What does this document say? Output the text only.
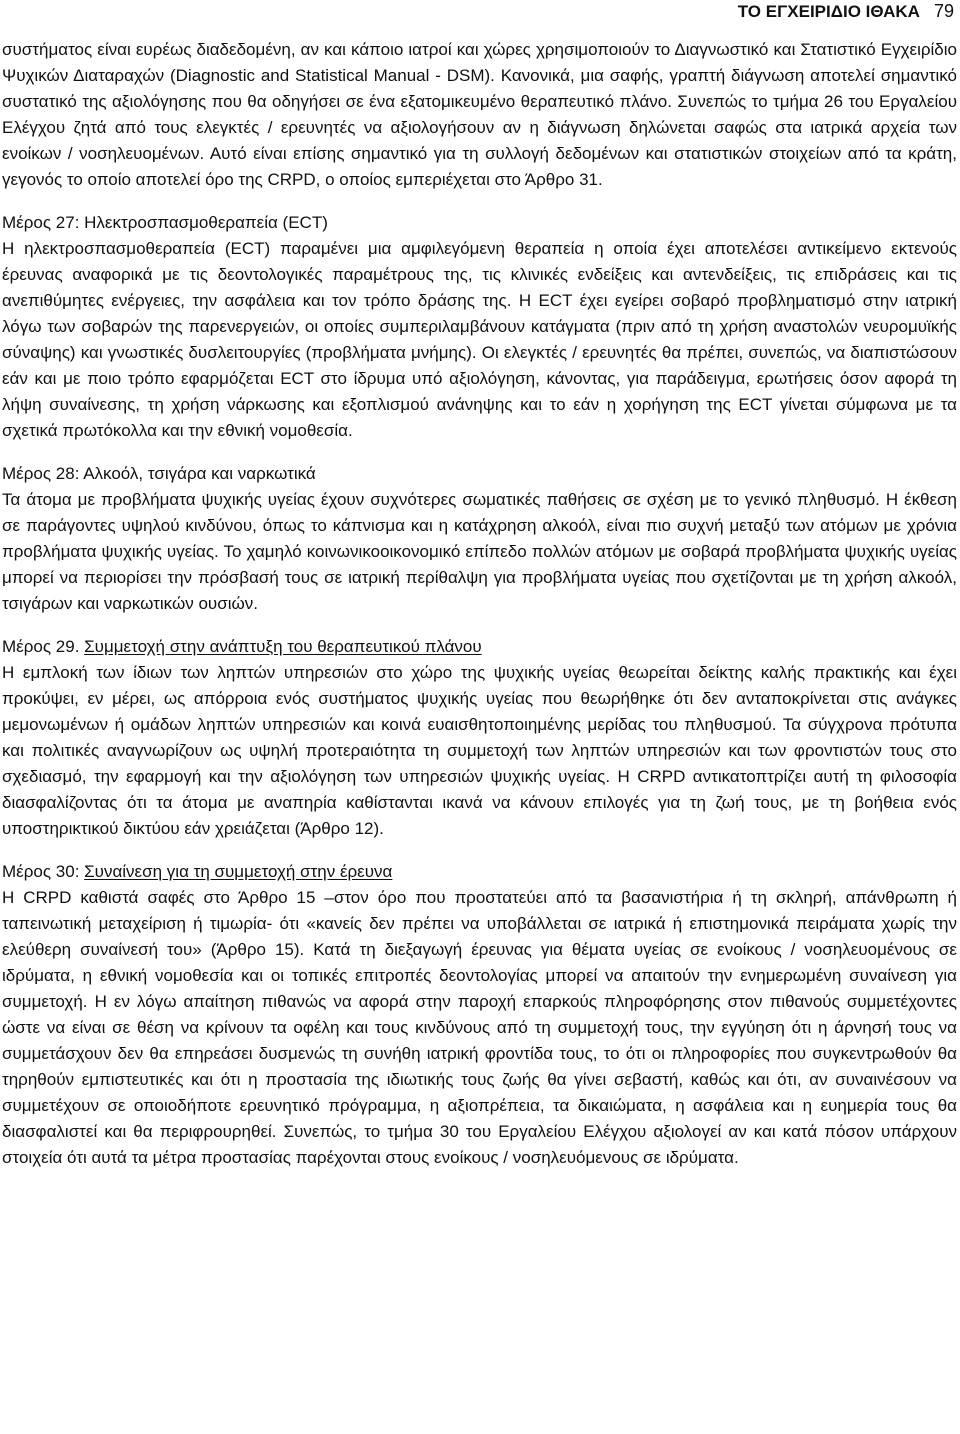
ΤΟ ΕΓΧΕΙΡΙΔΙΟ ΙΘΑΚΑ 79

συστήματος είναι ευρέως διαδεδομένη, αν και κάποιο ιατροί και χώρες χρησιμοποιούν το Διαγνωστικό και Στατιστικό Εγχειρίδιο Ψυχικών Διαταραχών (Diagnostic and Statistical Manual - DSM). Κανονικά, μια σαφής, γραπτή διάγνωση αποτελεί σημαντικό συστατικό της αξιολόγησης που θα οδηγήσει σε ένα εξατομικευμένο θεραπευτικό πλάνο. Συνεπώς το τμήμα 26 του Εργαλείου Ελέγχου ζητά από τους ελεγκτές / ερευνητές να αξιολογήσουν αν η διάγνωση δηλώνεται σαφώς στα ιατρικά αρχεία των ενοίκων / νοσηλευομένων. Αυτό είναι επίσης σημαντικό για τη συλλογή δεδομένων και στατιστικών στοιχείων από τα κράτη, γεγονός το οποίο αποτελεί όρο της CRPD, ο οποίος εμπεριέχεται στο Άρθρο 31.

Μέρος 27: Ηλεκτροσπασμοθεραπεία (ECT)

Η ηλεκτροσπασμοθεραπεία (ECT) παραμένει μια αμφιλεγόμενη θεραπεία η οποία έχει αποτελέσει αντικείμενο εκτενούς έρευνας αναφορικά με τις δεοντολογικές παραμέτρους της, τις κλινικές ενδείξεις και αντενδείξεις, τις επιδράσεις και τις ανεπιθύμητες ενέργειες, την ασφάλεια και τον τρόπο δράσης της. Η ECT έχει εγείρει σοβαρό προβληματισμό στην ιατρική λόγω των σοβαρών της παρενεργειών, οι οποίες συμπεριλαμβάνουν κατάγματα (πριν από τη χρήση αναστολών νευρομυϊκής σύναψης) και γνωστικές δυσλειτουργίες (προβλήματα μνήμης). Οι ελεγκτές / ερευνητές θα πρέπει, συνεπώς, να διαπιστώσουν εάν και με ποιο τρόπο εφαρμόζεται ECT στο ίδρυμα υπό αξιολόγηση, κάνοντας, για παράδειγμα, ερωτήσεις όσον αφορά τη λήψη συναίνεσης, τη χρήση νάρκωσης και εξοπλισμού ανάνηψης και το εάν η χορήγηση της ECT γίνεται σύμφωνα με τα σχετικά πρωτόκολλα και την εθνική νομοθεσία.

Μέρος 28: Αλκοόλ, τσιγάρα και ναρκωτικά

Τα άτομα με προβλήματα ψυχικής υγείας έχουν συχνότερες σωματικές παθήσεις σε σχέση με το γενικό πληθυσμό. Η έκθεση σε παράγοντες υψηλού κινδύνου, όπως το κάπνισμα και η κατάχρηση αλκοόλ, είναι πιο συχνή μεταξύ των ατόμων με χρόνια προβλήματα ψυχικής υγείας. Το χαμηλό κοινωνικοοικονομικό επίπεδο πολλών ατόμων με σοβαρά προβλήματα ψυχικής υγείας μπορεί να περιορίσει την πρόσβασή τους σε ιατρική περίθαλψη για προβλήματα υγείας που σχετίζονται με τη χρήση αλκοόλ, τσιγάρων και ναρκωτικών ουσιών.

Μέρος 29. Συμμετοχή στην ανάπτυξη του θεραπευτικού πλάνου

Η εμπλοκή των ίδιων των ληπτών υπηρεσιών στο χώρο της ψυχικής υγείας θεωρείται δείκτης καλής πρακτικής και έχει προκύψει, εν μέρει, ως απόρροια ενός συστήματος ψυχικής υγείας που θεωρήθηκε ότι δεν ανταποκρίνεται στις ανάγκες μεμονωμένων ή ομάδων ληπτών υπηρεσιών και κοινά ευαισθητοποιημένης μερίδας του πληθυσμού. Τα σύγχρονα πρότυπα και πολιτικές αναγνωρίζουν ως υψηλή προτεραιότητα τη συμμετοχή των ληπτών υπηρεσιών και των φροντιστών τους στο σχεδιασμό, την εφαρμογή και την αξιολόγηση των υπηρεσιών ψυχικής υγείας. Η CRPD αντικατοπτρίζει αυτή τη φιλοσοφία διασφαλίζοντας ότι τα άτομα με αναπηρία καθίστανται ικανά να κάνουν επιλογές για τη ζωή τους, με τη βοήθεια ενός υποστηρικτικού δικτύου εάν χρειάζεται (Άρθρο 12).

Μέρος 30: Συναίνεση για τη συμμετοχή στην έρευνα

Η CRPD καθιστά σαφές στο Άρθρο 15 –στον όρο που προστατεύει από τα βασανιστήρια ή τη σκληρή, απάνθρωπη ή ταπεινωτική μεταχείριση ή τιμωρία- ότι «κανείς δεν πρέπει να υποβάλλεται σε ιατρικά ή επιστημονικά πειράματα χωρίς την ελεύθερη συναίνεσή του» (Άρθρο 15). Κατά τη διεξαγωγή έρευνας για θέματα υγείας σε ενοίκους / νοσηλευομένους σε ιδρύματα, η εθνική νομοθεσία και οι τοπικές επιτροπές δεοντολογίας μπορεί να απαιτούν την ενημερωμένη συναίνεση για συμμετοχή. Η εν λόγω απαίτηση πιθανώς να αφορά στην παροχή επαρκούς πληροφόρησης στον πιθανούς συμμετέχοντες ώστε να είναι σε θέση να κρίνουν τα οφέλη και τους κινδύνους από τη συμμετοχή τους, την εγγύηση ότι η άρνησή τους να συμμετάσχουν δεν θα επηρεάσει δυσμενώς τη συνήθη ιατρική φροντίδα τους, το ότι οι πληροφορίες που συγκεντρωθούν θα τηρηθούν εμπιστευτικές και ότι η προστασία της ιδιωτικής τους ζωής θα γίνει σεβαστή, καθώς και ότι, αν συναινέσουν να συμμετέχουν σε οποιοδήποτε ερευνητικό πρόγραμμα, η αξιοπρέπεια, τα δικαιώματα, η ασφάλεια και η ευημερία τους θα διασφαλιστεί και θα περιφρουρηθεί. Συνεπώς, το τμήμα 30 του Εργαλείου Ελέγχου αξιολογεί αν και κατά πόσον υπάρχουν στοιχεία ότι αυτά τα μέτρα προστασίας παρέχονται στους ενοίκους / νοσηλευόμενους σε ιδρύματα.
